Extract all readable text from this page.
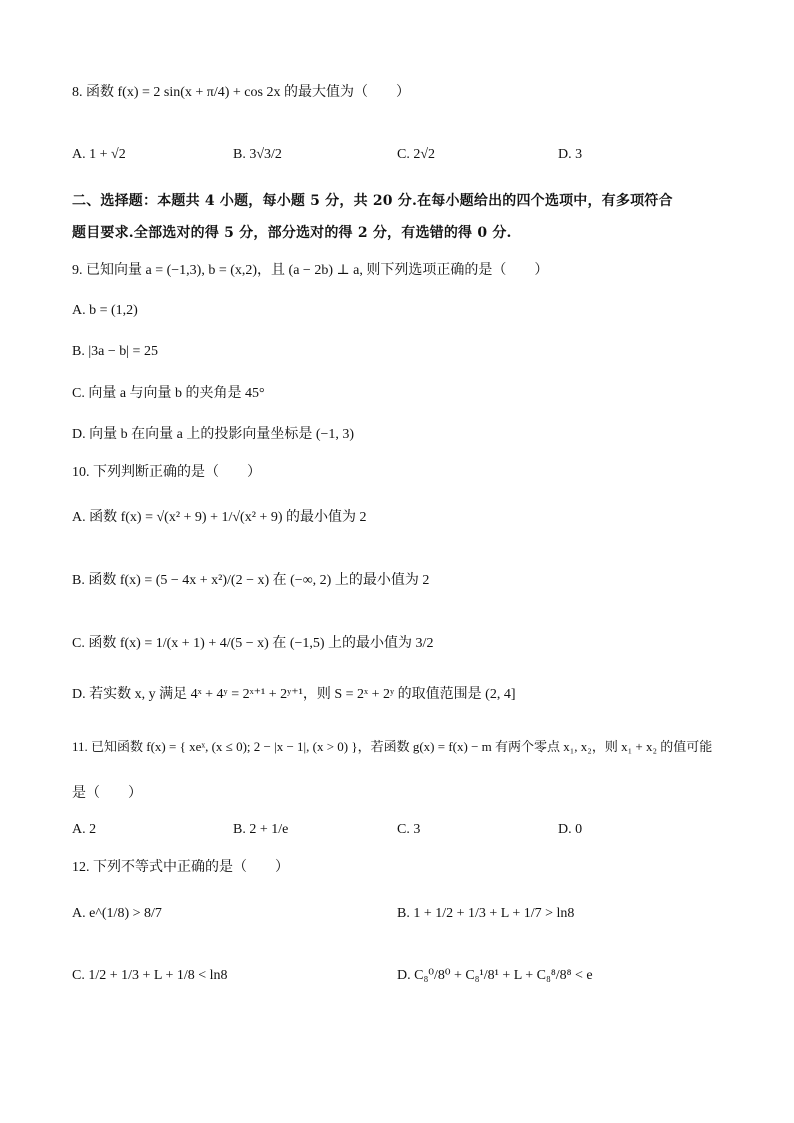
8. 函数 f(x) = 2 sin(x + π/4) + cos 2x 的最大值为（　　）
A. 1 + √2	B. 3√3/2	C. 2√2	D. 3
二、选择题：本题共 4 小题，每小题 5 分，共 20 分.在每小题给出的四个选项中，有多项符合
题目要求.全部选对的得 5 分，部分选对的得 2 分，有选错的得 0 分.
9. 已知向量 a = (−1,3), b = (x,2)，且 (a − 2b) ⊥ a, 则下列选项正确的是（　　）
A. b = (1,2)
B. |3a − b| = 25
C. 向量 a 与向量 b 的夹角是 45°
D. 向量 b 在向量 a 上的投影向量坐标是 (−1, 3)
10. 下列判断正确的是（　　）
A. 函数 f(x) = √(x² + 9) + 1/√(x² + 9) 的最小值为 2
B. 函数 f(x) = (5 − 4x + x²)/(2 − x) 在 (−∞, 2) 上的最小值为 2
C. 函数 f(x) = 1/(x + 1) + 4/(5 − x) 在 (−1,5) 上的最小值为 3/2
D. 若实数 x, y 满足 4ˣ + 4ʸ = 2ˣ⁺¹ + 2ʸ⁺¹，则 S = 2ˣ + 2ʸ 的取值范围是 (2, 4]
11. 已知函数 f(x) = { xeˣ, (x ≤ 0); 2 − |x − 1|, (x > 0) }，若函数 g(x) = f(x) − m 有两个零点 x₁, x₂，则 x₁ + x₂ 的值可能
是（　　）
A. 2	B. 2 + 1/e	C. 3	D. 0
12. 下列不等式中正确的是（　　）
A. e^(1/8) > 8/7	B. 1 + 1/2 + 1/3 + L + 1/7 > ln8
C. 1/2 + 1/3 + L + 1/8 < ln8	D. C₈⁰/8⁰ + C₈¹/8¹ + L + C₈⁸/8⁸ < e
